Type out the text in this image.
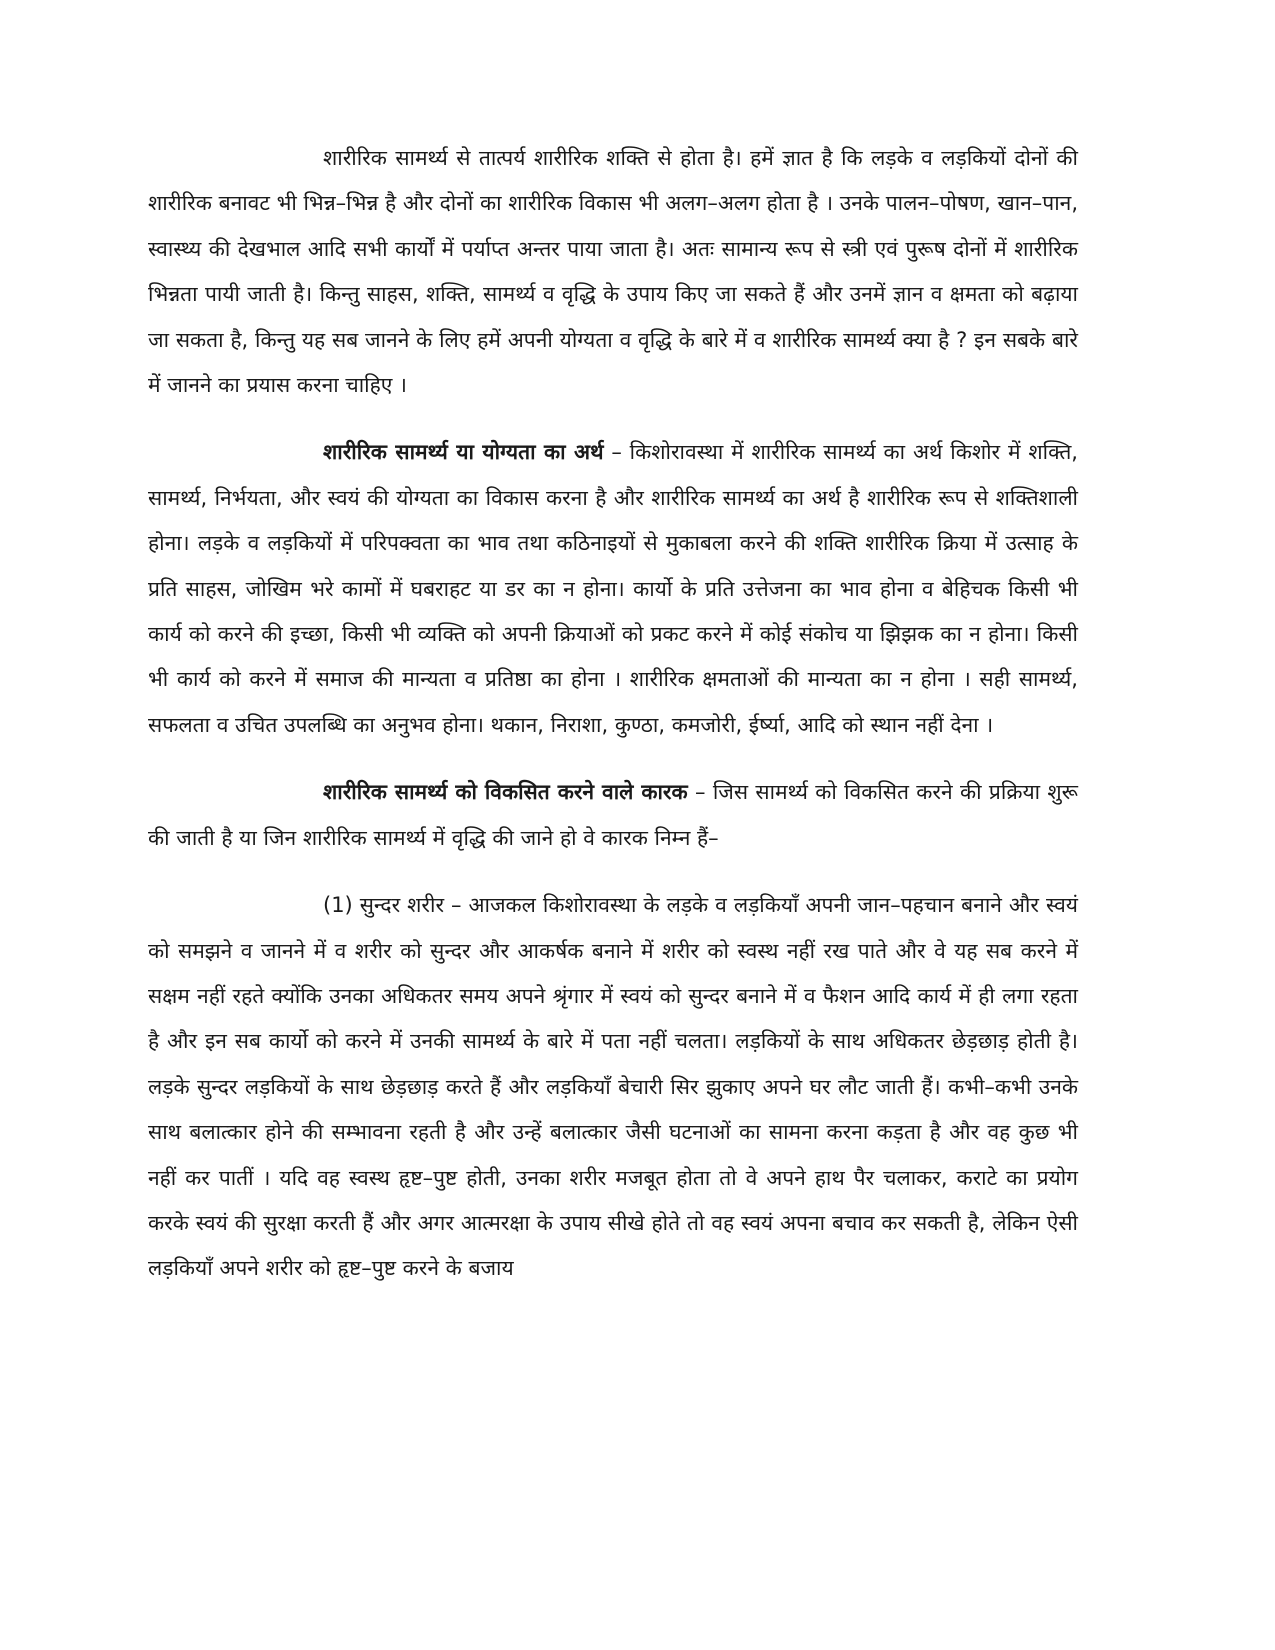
शारीरिक सामर्थ्य से तात्पर्य शारीरिक शक्ति से होता है। हमें ज्ञात है कि लड़के व लड़कियों दोनों की शारीरिक बनावट भी भिन्न–भिन्न है और दोनों का शारीरिक विकास भी अलग–अलग होता है । उनके पालन–पोषण, खान–पान, स्वास्थ्य की देखभाल आदि सभी कार्यों में पर्याप्त अन्तर पाया जाता है। अतः सामान्य रूप से स्त्री एवं पुरूष दोनों में शारीरिक भिन्नता पायी जाती है। किन्तु साहस, शक्ति, सामर्थ्य व वृद्धि के उपाय किए जा सकते हैं और उनमें ज्ञान व क्षमता को बढ़ाया जा सकता है, किन्तु यह सब जानने के लिए हमें अपनी योग्यता व वृद्धि के बारे में व शारीरिक सामर्थ्य क्या है ? इन सबके बारे में जानने का प्रयास करना चाहिए ।

शारीरिक सामर्थ्य या योग्यता का अर्थ – किशोरावस्था में शारीरिक सामर्थ्य का अर्थ किशोर में शक्ति, सामर्थ्य, निर्भयता, और स्वयं की योग्यता का विकास करना है और शारीरिक सामर्थ्य का अर्थ है शारीरिक रूप से शक्तिशाली होना। लड़के व लड़कियों में परिपक्वता का भाव तथा कठिनाइयों से मुकाबला करने की शक्ति शारीरिक क्रिया में उत्साह के प्रति साहस, जोखिम भरे कामों में घबराहट या डर का न होना। कार्यो के प्रति उत्तेजना का भाव होना व बेहिचक किसी भी कार्य को करने की इच्छा, किसी भी व्यक्ति को अपनी क्रियाओं को प्रकट करने में कोई संकोच या झिझक का न होना। किसी भी कार्य को करने में समाज की मान्यता व प्रतिष्ठा का होना । शारीरिक क्षमताओं की मान्यता का न होना । सही सामर्थ्य, सफलता व उचित उपलब्धि का अनुभव होना। थकान, निराशा, कुण्ठा, कमजोरी, ईर्ष्या, आदि को स्थान नहीं देना ।

शारीरिक सामर्थ्य को विकसित करने वाले कारक – जिस सामर्थ्य को विकसित करने की प्रक्रिया शुरू की जाती है या जिन शारीरिक सामर्थ्य में वृद्धि की जाने हो वे कारक निम्न हैं–

(1) सुन्दर शरीर – आजकल किशोरावस्था के लड़के व लड़कियाँ अपनी जान–पहचान बनाने और स्वयं को समझने व जानने में व शरीर को सुन्दर और आकर्षक बनाने में शरीर को स्वस्थ नहीं रख पाते और वे यह सब करने में सक्षम नहीं रहते क्योंकि उनका अधिकतर समय अपने श्रृंगार में स्वयं को सुन्दर बनाने में व फैशन आदि कार्य में ही लगा रहता है और इन सब कार्यो को करने में उनकी सामर्थ्य के बारे में पता नहीं चलता। लड़कियों के साथ अधिकतर छेड़छाड़ होती है। लड़के सुन्दर लड़कियों के साथ छेड़छाड़ करते हैं और लड़कियाँ बेचारी सिर झुकाए अपने घर लौट जाती हैं। कभी–कभी उनके साथ बलात्कार होने की सम्भावना रहती है और उन्हें बलात्कार जैसी घटनाओं का सामना करना कड़ता है और वह कुछ भी नहीं कर पातीं । यदि वह स्वस्थ हृष्ट–पुष्ट होती, उनका शरीर मजबूत होता तो वे अपने हाथ पैर चलाकर, कराटे का प्रयोग करके स्वयं की सुरक्षा करती हैं और अगर आत्मरक्षा के उपाय सीखे होते तो वह स्वयं अपना बचाव कर सकती है, लेकिन ऐसी लड़कियाँ अपने शरीर को हृष्ट–पुष्ट करने के बजाय
